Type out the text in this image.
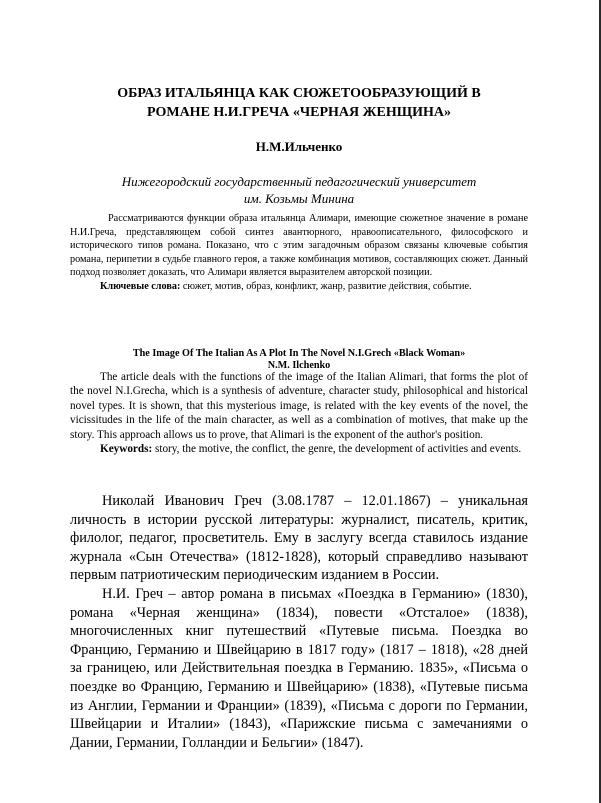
ОБРАЗ ИТАЛЬЯНЦА КАК СЮЖЕТООБРАЗУЮЩИЙ В
РОМАНЕ Н.И.ГРЕЧА «ЧЕРНАЯ ЖЕНЩИНА»
Н.М.Ильченко
Нижегородский государственный педагогический университет
им. Козьмы Минина

Рассматриваются функции образа итальянца Алимари, имеющие сюжетное значение в романе Н.И.Греча, представляющем собой синтез авантюрного, нравоописательного, философского и исторического типов романа. Показано, что с этим загадочным образом связаны ключевые события романа, перипетии в судьбе главного героя, а также комбинация мотивов, составляющих сюжет. Данный подход позволяет доказать, что Алимари является выразителем авторской позиции.

Ключевые слова: сюжет, мотив, образ, конфликт, жанр, развитие действия, событие.

The Image Of The Italian As A Plot In The Novel N.I.Grech «Black Woman»
N.M. Ilchenko

The article deals with the functions of the image of the Italian Alimari, that forms the plot of the novel N.I.Grecha, which is a synthesis of adventure, character study, philosophical and historical novel types. It is shown, that this mysterious image, is related with the key events of the novel, the vicissitudes in the life of the main character, as well as a combination of motives, that make up the story. This approach allows us to prove, that Alimari is the exponent of the author's position.

Keywords: story, the motive, the conflict, the genre, the development of activities and events.

Николай Иванович Греч (3.08.1787 – 12.01.1867) – уникальная личность в истории русской литературы: журналист, писатель, критик, филолог, педагог, просветитель. Ему в заслугу всегда ставилось издание журнала «Сын Отечества» (1812-1828), который справедливо называют первым патриотическим периодическим изданием в России.

Н.И. Греч – автор романа в письмах «Поездка в Германию» (1830), романа «Черная женщина» (1834), повести «Отсталое» (1838), многочисленных книг путешествий «Путевые письма. Поездка во Францию, Германию и Швейцарию в 1817 году» (1817 – 1818), «28 дней за границею, или Действительная поездка в Германию. 1835», «Письма о поездке во Францию, Германию и Швейцарию» (1838), «Путевые письма из Англии, Германии и Франции» (1839), «Письма с дороги по Германии, Швейцарии и Италии» (1843), «Парижские письма с замечаниями о Дании, Германии, Голландии и Бельгии» (1847).
